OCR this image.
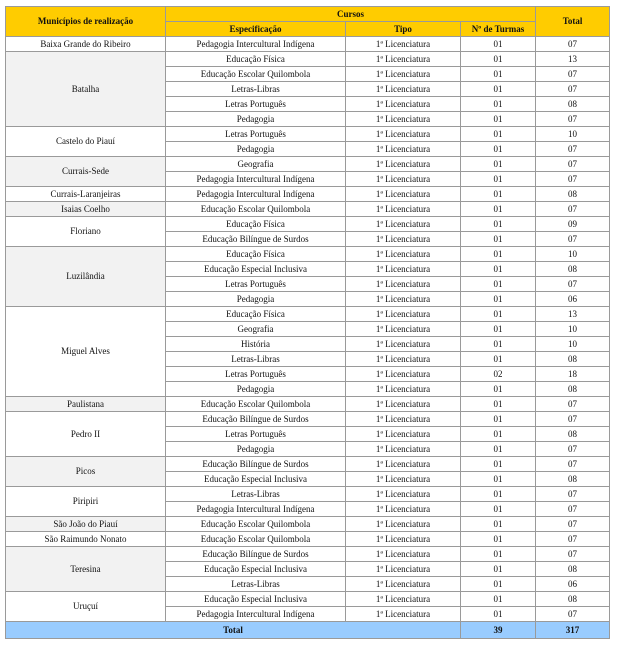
Municípios de realização	Cursos			Total
	Especificação	Tipo	Nº de Turmas	
Baixa Grande do Ribeiro	Pedagogia Intercultural Indígena	1ª Licenciatura	01	07
Batalha	Educação Física	1ª Licenciatura	01	13
	Educação Escolar Quilombola	1ª Licenciatura	01	07
	Letras-Libras	1ª Licenciatura	01	07
	Letras Português	1ª Licenciatura	01	08
	Pedagogia	1ª Licenciatura	01	07
Castelo do Piauí	Letras Português	1ª Licenciatura	01	10
	Pedagogia	1ª Licenciatura	01	07
Currais-Sede	Geografia	1ª Licenciatura	01	07
	Pedagogia Intercultural Indígena	1ª Licenciatura	01	07
Currais-Laranjeiras	Pedagogia Intercultural Indígena	1ª Licenciatura	01	08
Isaias Coelho	Educação Escolar Quilombola	1ª Licenciatura	01	07
Floriano	Educação Física	1ª Licenciatura	01	09
	Educação Bilíngue de Surdos	1ª Licenciatura	01	07
Luzilândia	Educação Física	1ª Licenciatura	01	10
	Educação Especial Inclusiva	1ª Licenciatura	01	08
	Letras Português	1ª Licenciatura	01	07
	Pedagogia	1ª Licenciatura	01	06
Miguel Alves	Educação Física	1ª Licenciatura	01	13
	Geografia	1ª Licenciatura	01	10
	História	1ª Licenciatura	01	10
	Letras-Libras	1ª Licenciatura	01	08
	Letras Português	1ª Licenciatura	02	18
	Pedagogia	1ª Licenciatura	01	08
Paulistana	Educação Escolar Quilombola	1ª Licenciatura	01	07
Pedro II	Educação Bilíngue de Surdos	1ª Licenciatura	01	07
	Letras Português	1ª Licenciatura	01	08
	Pedagogia	1ª Licenciatura	01	07
Picos	Educação Bilíngue de Surdos	1ª Licenciatura	01	07
	Educação Especial Inclusiva	1ª Licenciatura	01	08
Piripiri	Letras-Libras	1ª Licenciatura	01	07
	Pedagogia Intercultural Indígena	1ª Licenciatura	01	07
São João do Piauí	Educação Escolar Quilombola	1ª Licenciatura	01	07
São Raimundo Nonato	Educação Escolar Quilombola	1ª Licenciatura	01	07
Teresina	Educação Bilíngue de Surdos	1ª Licenciatura	01	07
	Educação Especial Inclusiva	1ª Licenciatura	01	08
	Letras-Libras	1ª Licenciatura	01	06
Uruçuí	Educação Especial Inclusiva	1ª Licenciatura	01	08
	Pedagogia Intercultural Indígena	1ª Licenciatura	01	07
Total			39	317
